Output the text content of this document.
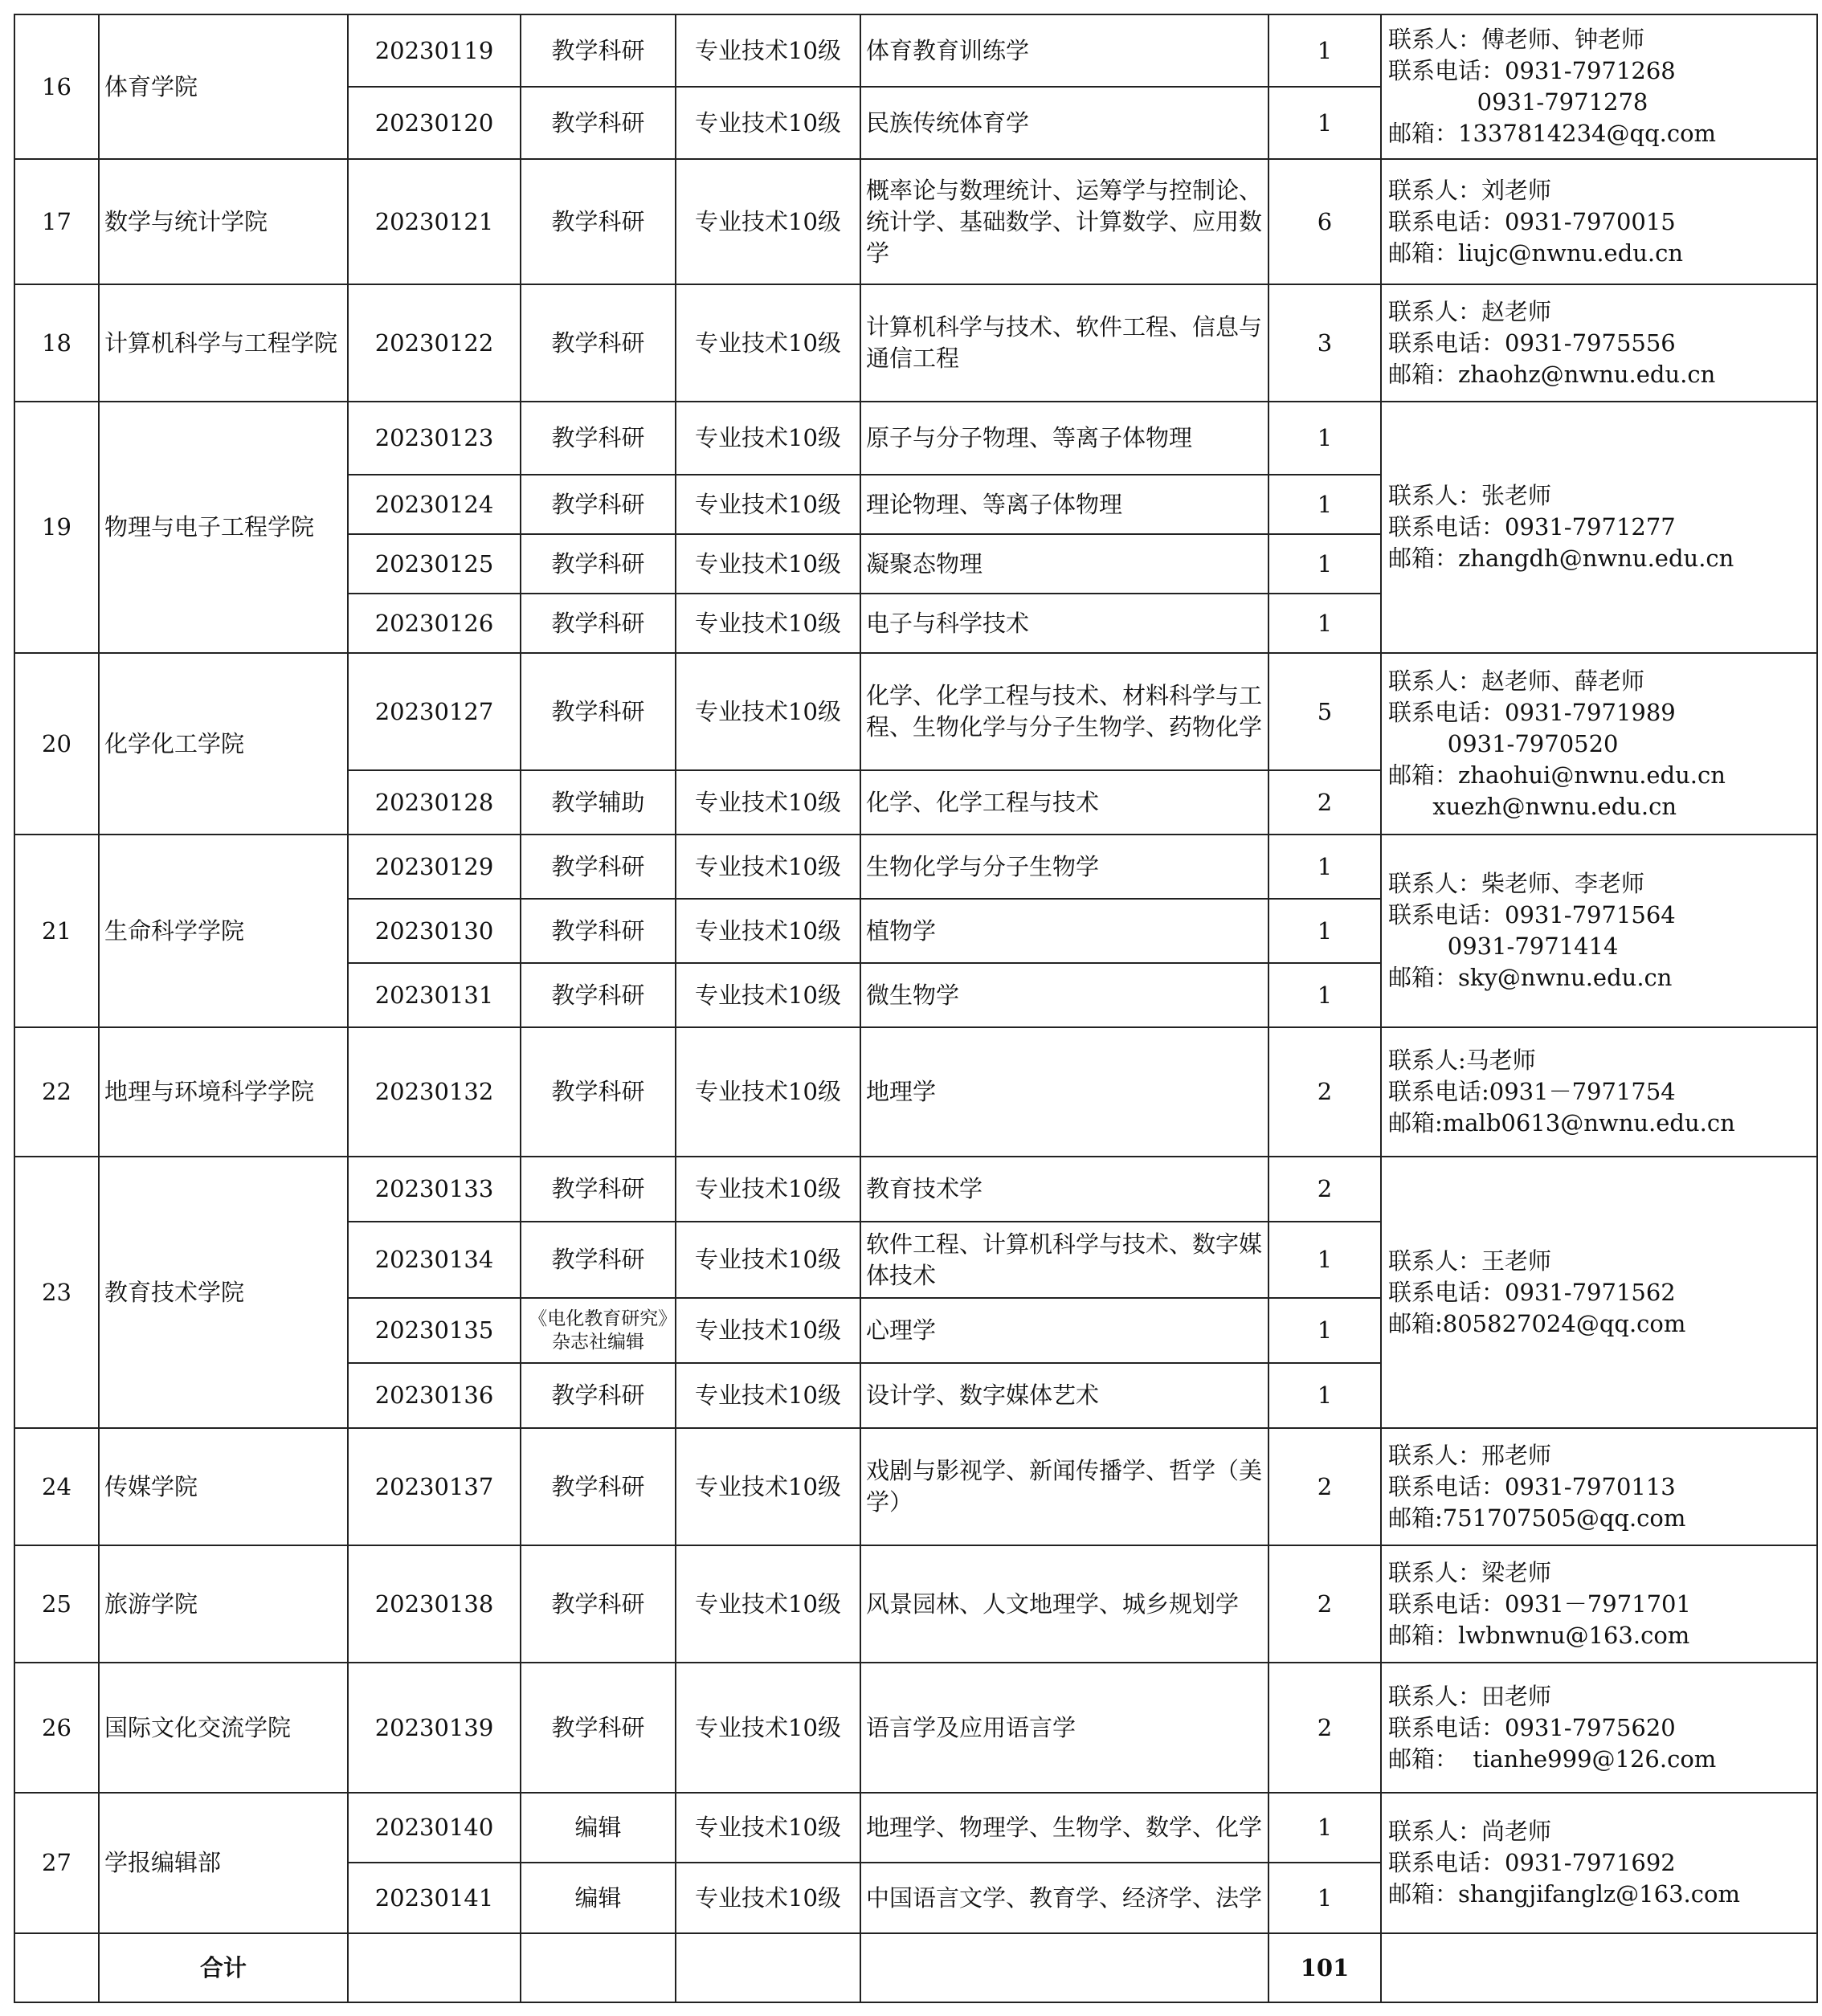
16	体育学院	20230119	教学科研	专业技术10级	体育教育训练学	1	联系人：傅老师、钟老师
联系电话：0931-7971268
0931-7971278
邮箱：1337814234@qq.com
		20230120	教学科研	专业技术10级	民族传统体育学	1	
17	数学与统计学院	20230121	教学科研	专业技术10级	概率论与数理统计、运筹学与控制论、统计学、基础数学、计算数学、应用数学	6	联系人：刘老师
联系电话：0931-7970015
邮箱：liujc@nwnu.edu.cn
18	计算机科学与工程学院	20230122	教学科研	专业技术10级	计算机科学与技术、软件工程、信息与通信工程	3	联系人：赵老师
联系电话：0931-7975556
邮箱：zhaohz@nwnu.edu.cn
19	物理与电子工程学院	20230123	教学科研	专业技术10级	原子与分子物理、等离子体物理	1	联系人：张老师
联系电话：0931-7971277
邮箱：zhangdh@nwnu.edu.cn
		20230124	教学科研	专业技术10级	理论物理、等离子体物理	1	
		20230125	教学科研	专业技术10级	凝聚态物理	1	
		20230126	教学科研	专业技术10级	电子与科学技术	1	
20	化学化工学院	20230127	教学科研	专业技术10级	化学、化学工程与技术、材料科学与工程、生物化学与分子生物学、药物化学	5	联系人：赵老师、薛老师
联系电话：0931-7971989
0931-7970520
邮箱：zhaohui@nwnu.edu.cn
xuezh@nwnu.edu.cn
		20230128	教学辅助	专业技术10级	化学、化学工程与技术	2	
21	生命科学学院	20230129	教学科研	专业技术10级	生物化学与分子生物学	1	联系人：柴老师、李老师
联系电话：0931-7971564
0931-7971414
邮箱：sky@nwnu.edu.cn
		20230130	教学科研	专业技术10级	植物学	1	
		20230131	教学科研	专业技术10级	微生物学	1	
22	地理与环境科学学院	20230132	教学科研	专业技术10级	地理学	2	联系人:马老师
联系电话:0931－7971754
邮箱:malb0613@nwnu.edu.cn
23	教育技术学院	20230133	教学科研	专业技术10级	教育技术学	2	联系人：王老师
联系电话：0931-7971562
邮箱:805827024@qq.com
		20230134	教学科研	专业技术10级	软件工程、计算机科学与技术、数字媒体技术	1	
		20230135	《电化教育研究》杂志社编辑	专业技术10级	心理学	1	
		20230136	教学科研	专业技术10级	设计学、数字媒体艺术	1	
24	传媒学院	20230137	教学科研	专业技术10级	戏剧与影视学、新闻传播学、哲学（美学）	2	联系人：邢老师
联系电话：0931-7970113
邮箱:751707505@qq.com
25	旅游学院	20230138	教学科研	专业技术10级	风景园林、人文地理学、城乡规划学	2	联系人：梁老师
联系电话：0931－7971701
邮箱：lwbnwnu@163.com
26	国际文化交流学院	20230139	教学科研	专业技术10级	语言学及应用语言学	2	联系人：田老师
联系电话：0931-7975620
邮箱：  tianhe999@126.com
27	学报编辑部	20230140	编辑	专业技术10级	地理学、物理学、生物学、数学、化学	1	联系人：尚老师
联系电话：0931-7971692
邮箱：shangjifanglz@163.com
		20230141	编辑	专业技术10级	中国语言文学、教育学、经济学、法学	1	
	合计					101	
